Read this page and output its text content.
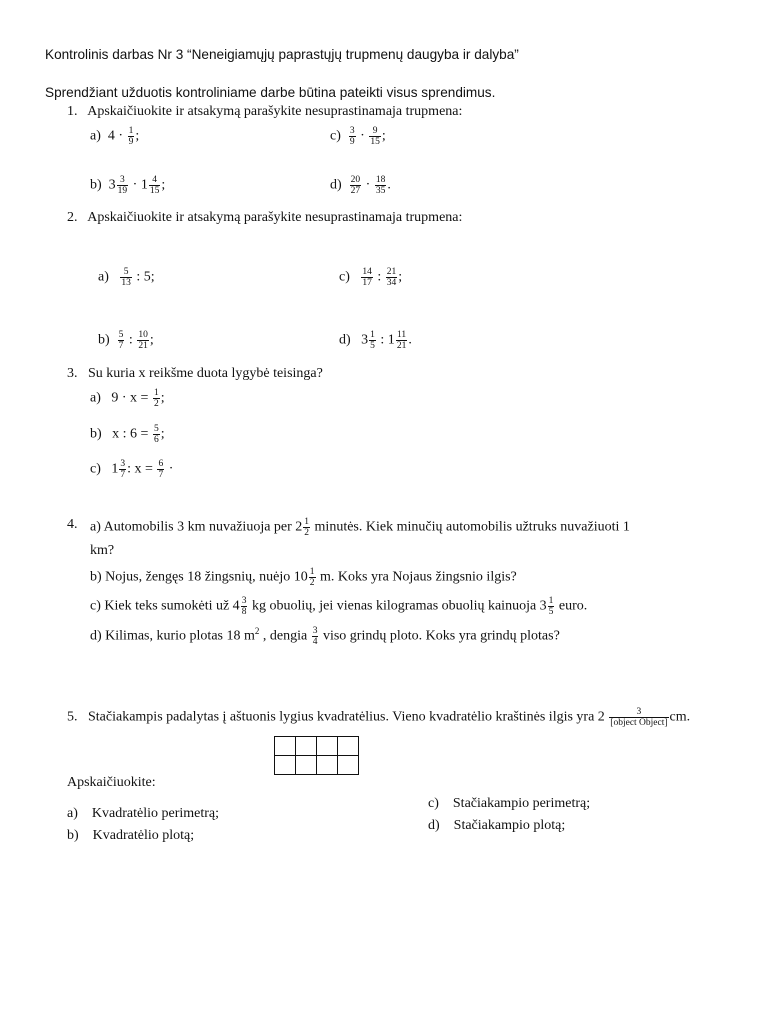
Kontrolinis darbas Nr 3 “Neneigiamųjų paprastųjų trupmenų daugyba ir dalyba”
Sprendžiant užduotis kontroliniame darbe būtina pateikti visus sprendimus.
1. Apskaičiuokite ir atsakymą parašykite nesuprastinamaja trupmena:
a) $4 \cdot \frac{1}{9}$ ;	$c) \frac{3}{9} \cdot \frac{9}{15}$ ;
b) $3 \frac{3}{19} \cdot 1 \frac{4}{15}$ ;	$d) \frac{20}{27} \cdot \frac{18}{35}$ .
2. Apskaičiuokite ir atsakymą parašykite nesuprastinamaja trupmena:
$a) \frac{5}{13}$ : 5;	$c) \frac{14}{17}$ : $\frac{21}{34}$ ;
$b) \frac{5}{7}$ : $\frac{10}{21}$ ;	d) $3 \frac{1}{5}$ : $1 \frac{11}{21}$ .
3. Su kuria x reikšme duota lygybė teisinga?
a) $9 \cdot x = \frac{1}{2}$ ;
b) x : $6 = \frac{5}{6}$ ;
c) $1 \frac{3}{7}$ : $x = \frac{6}{7}$ ·
4. a) Automobilis 3 km nuvažiuoja per $2 \frac{1}{2}$ minutės. Kiek minučių automobilis užtruks nuvažiuoti 1
km?
b) Nojus, žengęs 18 žingsnių, nuėjo $10 \frac{1}{2} m$. Koks yra Nojaus žingsnio ilgis?
c) Kiek teks sumokėti už $4 \frac{3}{8}$ kg obuolių, jei vienas kilogramas obuolių kainuoja $3 \frac{1}{5}$ euro.
d) Kilimas, kurio plotas 18 $m^2$ , dengia $\frac{3}{4}$ viso grindų ploto. Koks yra grindų plotas?
5. Stačiakampis padalytas į aštuonis lygius kvadratėlius. Vieno kvadratėlio kraštinės ilgis yra $2 \frac{3}{\text{[object Object]}}$ cm.

Apskaičiuokite:
a) Kvadratėlio perimetrą;
b) Kvadratėlio plotą;
c) Stačiakampio perimetrą;
d) Stačiakampio plotą;
